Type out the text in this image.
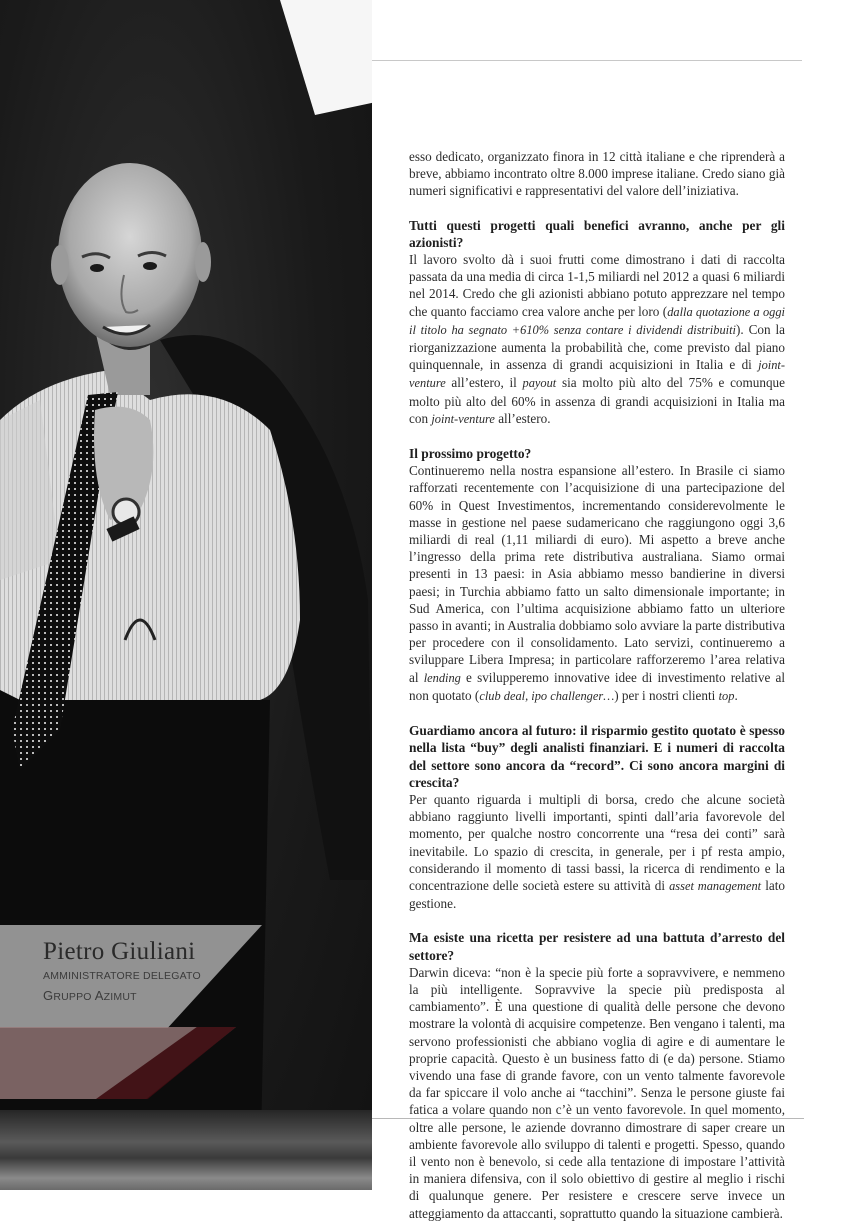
Pietro Giuliani
AMMINISTRATORE DELEGATO
GRUPPO AZIMUT

esso dedicato, organizzato finora in 12 città italiane e che riprenderà a breve, abbiamo incontrato oltre 8.000 imprese italiane. Credo siano già numeri significativi e rappresentativi del valore dell’iniziativa.

Tutti questi progetti quali benefici avranno, anche per gli azionisti?

Il lavoro svolto dà i suoi frutti come dimostrano i dati di raccolta passata da una media di circa 1-1,5 miliardi nel 2012 a quasi 6 miliardi nel 2014. Credo che gli azionisti abbiano potuto apprezzare nel tempo che quanto facciamo crea valore anche per loro (dalla quotazione a oggi il titolo ha segnato +610% senza contare i dividendi distribuiti). Con la riorganizzazione aumenta la probabilità che, come previsto dal piano quinquennale, in assenza di grandi acquisizioni in Italia e di joint-venture all’estero, il payout sia molto più alto del 75% e comunque molto più alto del 60% in assenza di grandi acquisizioni in Italia ma con joint-venture all’estero.

Il prossimo progetto?

Continueremo nella nostra espansione all’estero. In Brasile ci siamo rafforzati recentemente con l’acquisizione di una partecipazione del 60% in Quest Investimentos, incrementando considerevolmente le masse in gestione nel paese sudamericano che raggiungono oggi 3,6 miliardi di real (1,11 miliardi di euro). Mi aspetto a breve anche l’ingresso della prima rete distributiva australiana. Siamo ormai presenti in 13 paesi: in Asia abbiamo messo bandierine in diversi paesi; in Turchia abbiamo fatto un salto dimensionale importante; in Sud America, con l’ultima acquisizione abbiamo fatto un ulteriore passo in avanti; in Australia dobbiamo solo avviare la parte distributiva per procedere con il consolidamento. Lato servizi, continueremo a sviluppare Libera Impresa; in particolare rafforzeremo l’area relativa al lending e svilupperemo innovative idee di investimento relative al non quotato (club deal, ipo challenger…) per i nostri clienti top.

Guardiamo ancora al futuro: il risparmio gestito quotato è spesso nella lista “buy” degli analisti finanziari. E i numeri di raccolta del settore sono ancora da “record”. Ci sono ancora margini di crescita?

Per quanto riguarda i multipli di borsa, credo che alcune società abbiano raggiunto livelli importanti, spinti dall’aria favorevole del momento, per qualche nostro concorrente una “resa dei conti” sarà inevitabile. Lo spazio di crescita, in generale, per i pf resta ampio, considerando il momento di tassi bassi, la ricerca di rendimento e la concentrazione delle società estere su attività di asset management lato gestione.

Ma esiste una ricetta per resistere ad una battuta d’arresto del settore?

Darwin diceva: “non è la specie più forte a sopravvivere, e nemmeno la più intelligente. Sopravvive la specie più predisposta al cambiamento”. È una questione di qualità delle persone che devono mostrare la volontà di acquisire competenze. Ben vengano i talenti, ma servono professionisti che abbiano voglia di agire e di aumentare le proprie capacità. Questo è un business fatto di (e da) persone. Stiamo vivendo una fase di grande favore, con un vento talmente favorevole da far spiccare il volo anche ai “tacchini”. Senza le persone giuste fai fatica a volare quando non c’è un vento favorevole. In quel momento, oltre alle persone, le aziende dovranno dimostrare di saper creare un ambiente favorevole allo sviluppo di talenti e progetti. Spesso, quando il vento non è benevolo, si cede alla tentazione di impostare l’attività in maniera difensiva, con il solo obiettivo di gestire al meglio i rischi di qualunque genere. Per resistere e crescere serve invece un atteggiamento da attaccanti, soprattutto quando la situazione cambierà.
